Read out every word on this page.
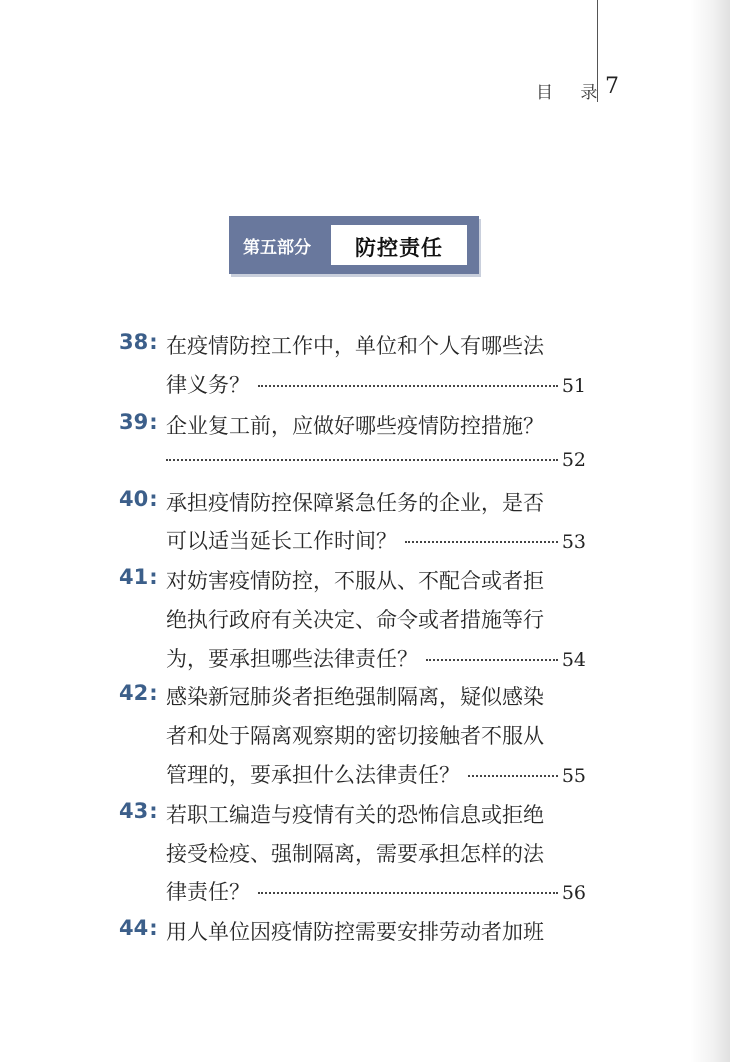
目 录
7
第五部分	防控责任
38: 在疫情防控工作中，单位和个人有哪些法
律义务？	51
39: 企业复工前，应做好哪些疫情防控措施？
52
40: 承担疫情防控保障紧急任务的企业，是否
可以适当延长工作时间？	53
41: 对妨害疫情防控，不服从、不配合或者拒
绝执行政府有关决定、命令或者措施等行
为，要承担哪些法律责任？	54
42: 感染新冠肺炎者拒绝强制隔离，疑似感染
者和处于隔离观察期的密切接触者不服从
管理的，要承担什么法律责任？	55
43: 若职工编造与疫情有关的恐怖信息或拒绝
接受检疫、强制隔离，需要承担怎样的法
律责任？	56
44: 用人单位因疫情防控需要安排劳动者加班
